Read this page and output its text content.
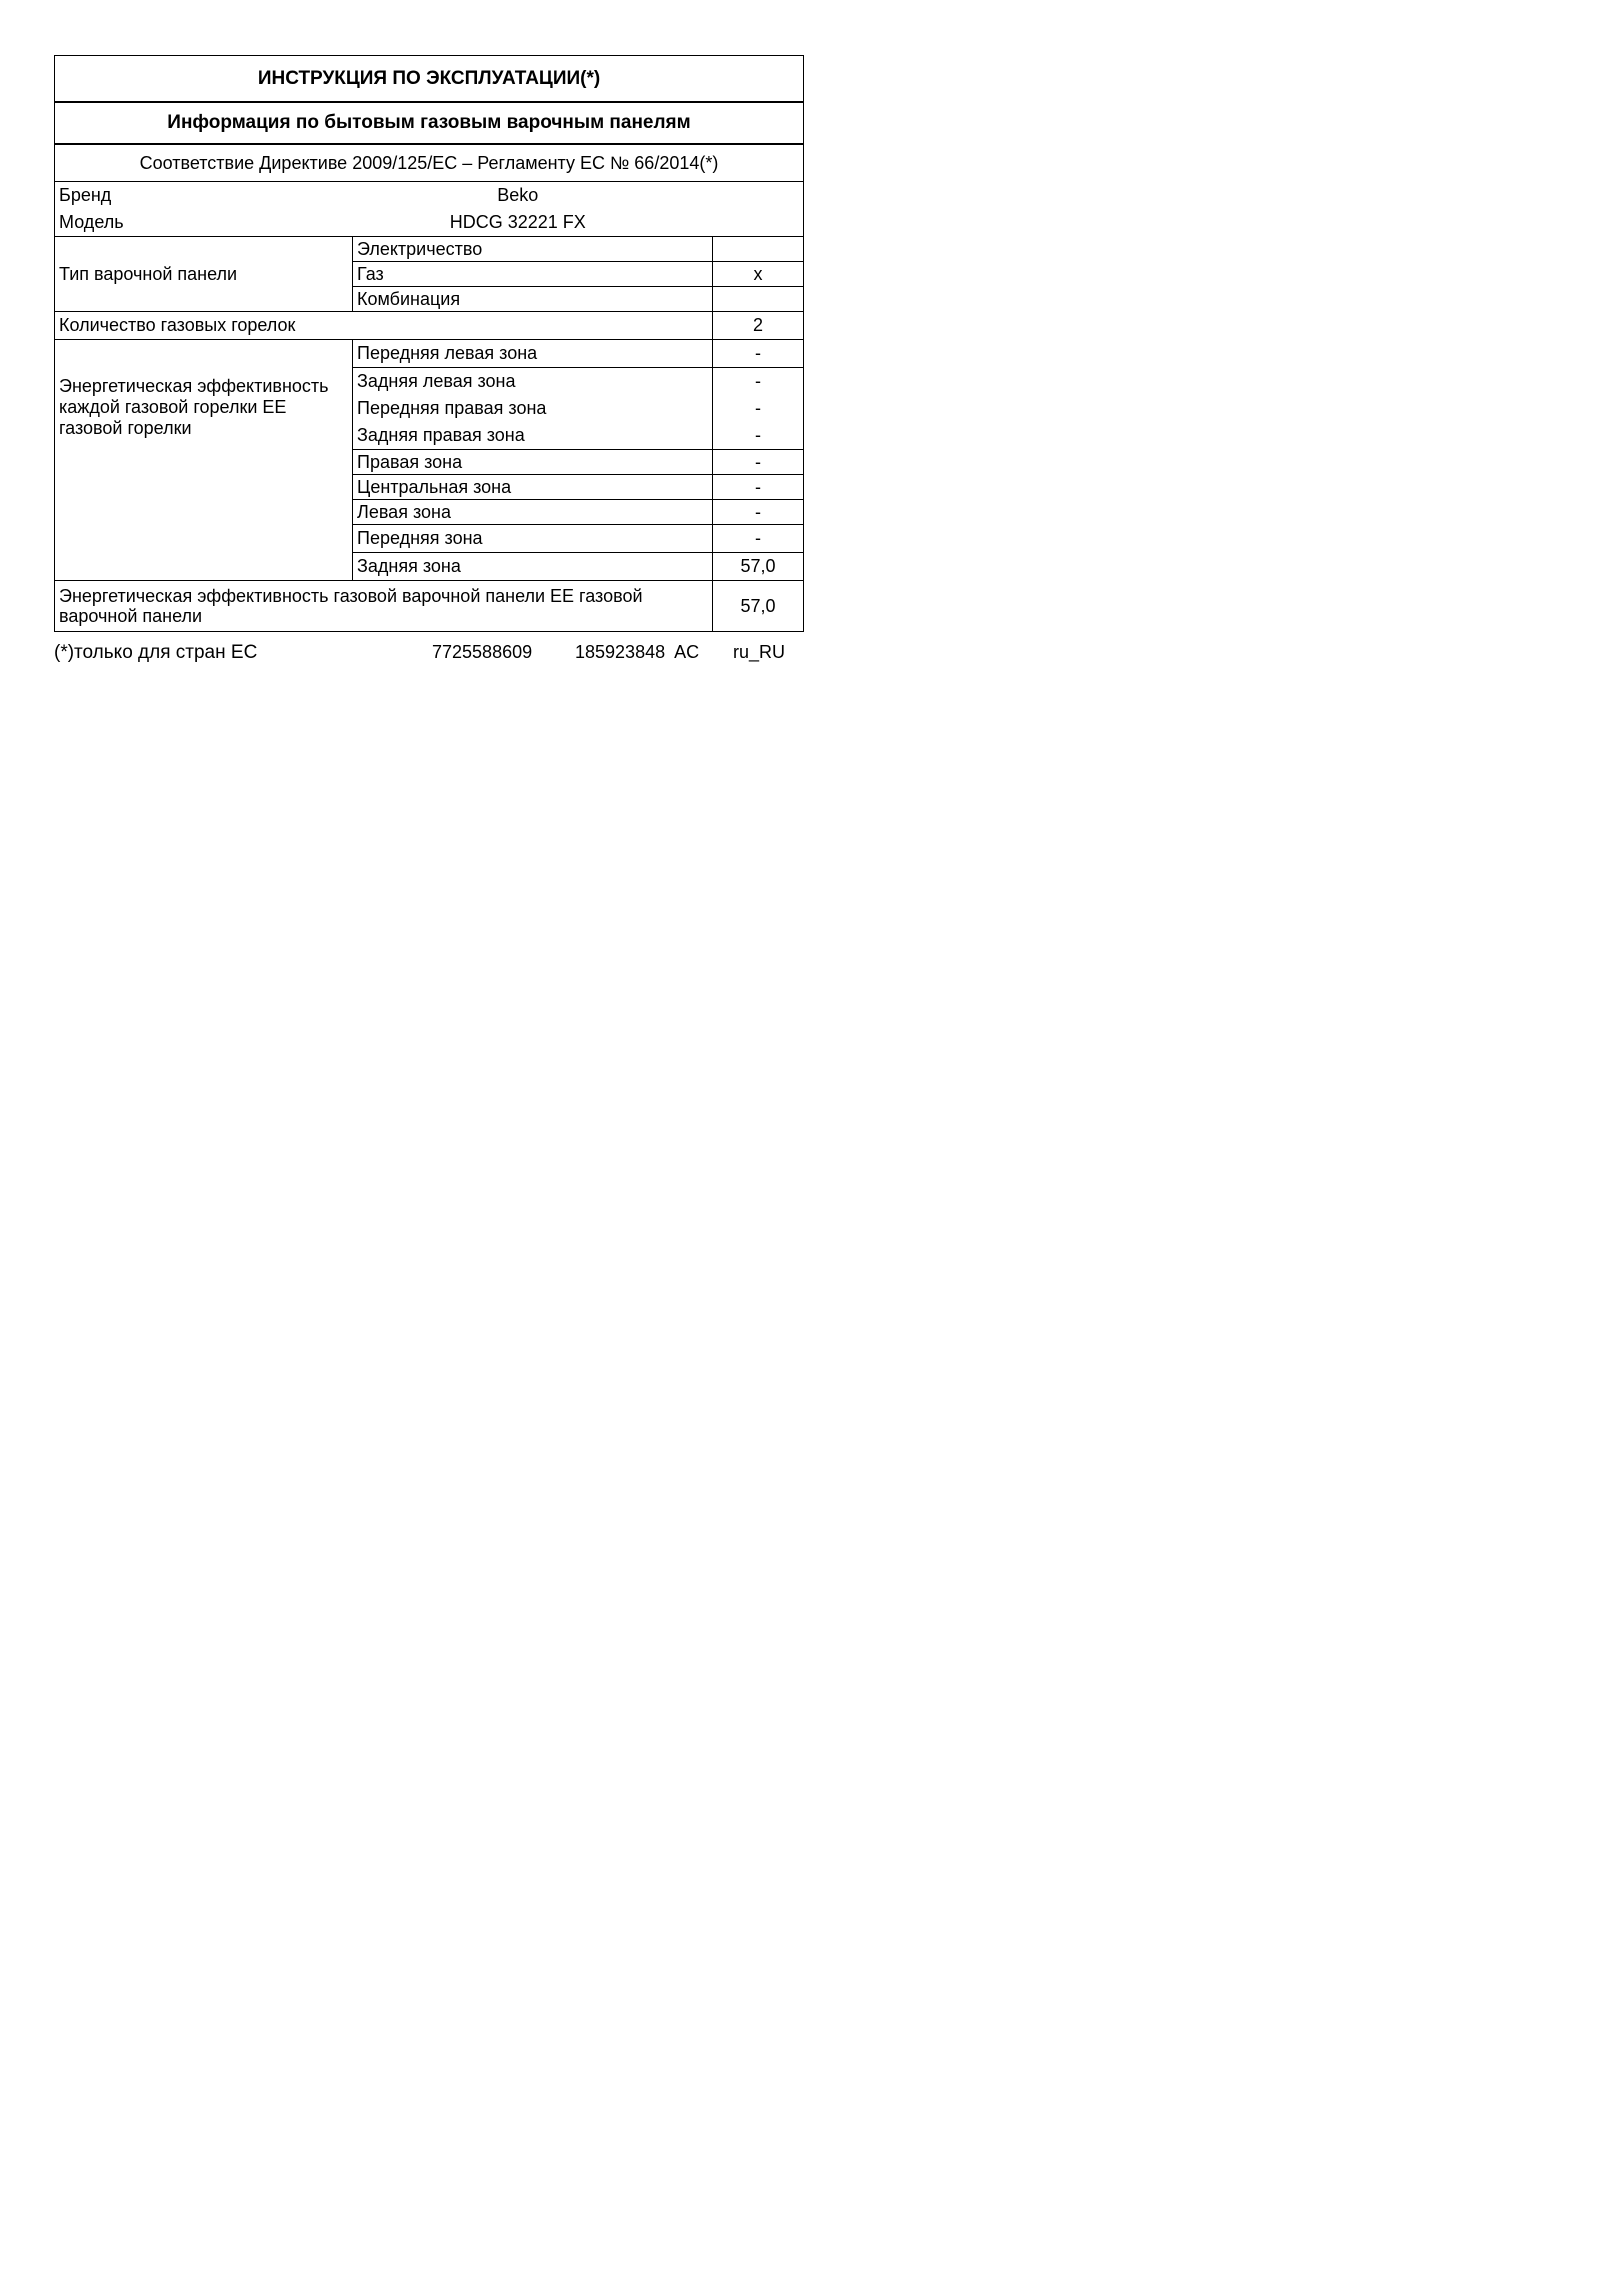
ИНСТРУКЦИЯ ПО ЭКСПЛУАТАЦИИ(*)		
Информация по бытовым газовым варочным панелям		
Соответствие Директиве 2009/125/ЕС – Регламенту ЕС № 66/2014(*)		
Бренд	Beko	
Модель	HDCG 32221 FX	
Тип варочной панели	Электричество	
	Газ	x
	Комбинация	
Количество газовых горелок		2
Энергетическая эффективность каждой газовой горелки EE газовой горелки	Передняя левая зона	-
	Задняя левая зона	-
	Передняя правая зона	-
	Задняя правая зона	-
	Правая зона	-
	Центральная зона	-
	Левая зона	-
	Передняя зона	-
	Задняя зона	57,0
Энергетическая эффективность газовой варочной панели EE газовой варочной панели		57,0
(*)только для стран ЕС	7725588609 185923848  AC ru_RU
